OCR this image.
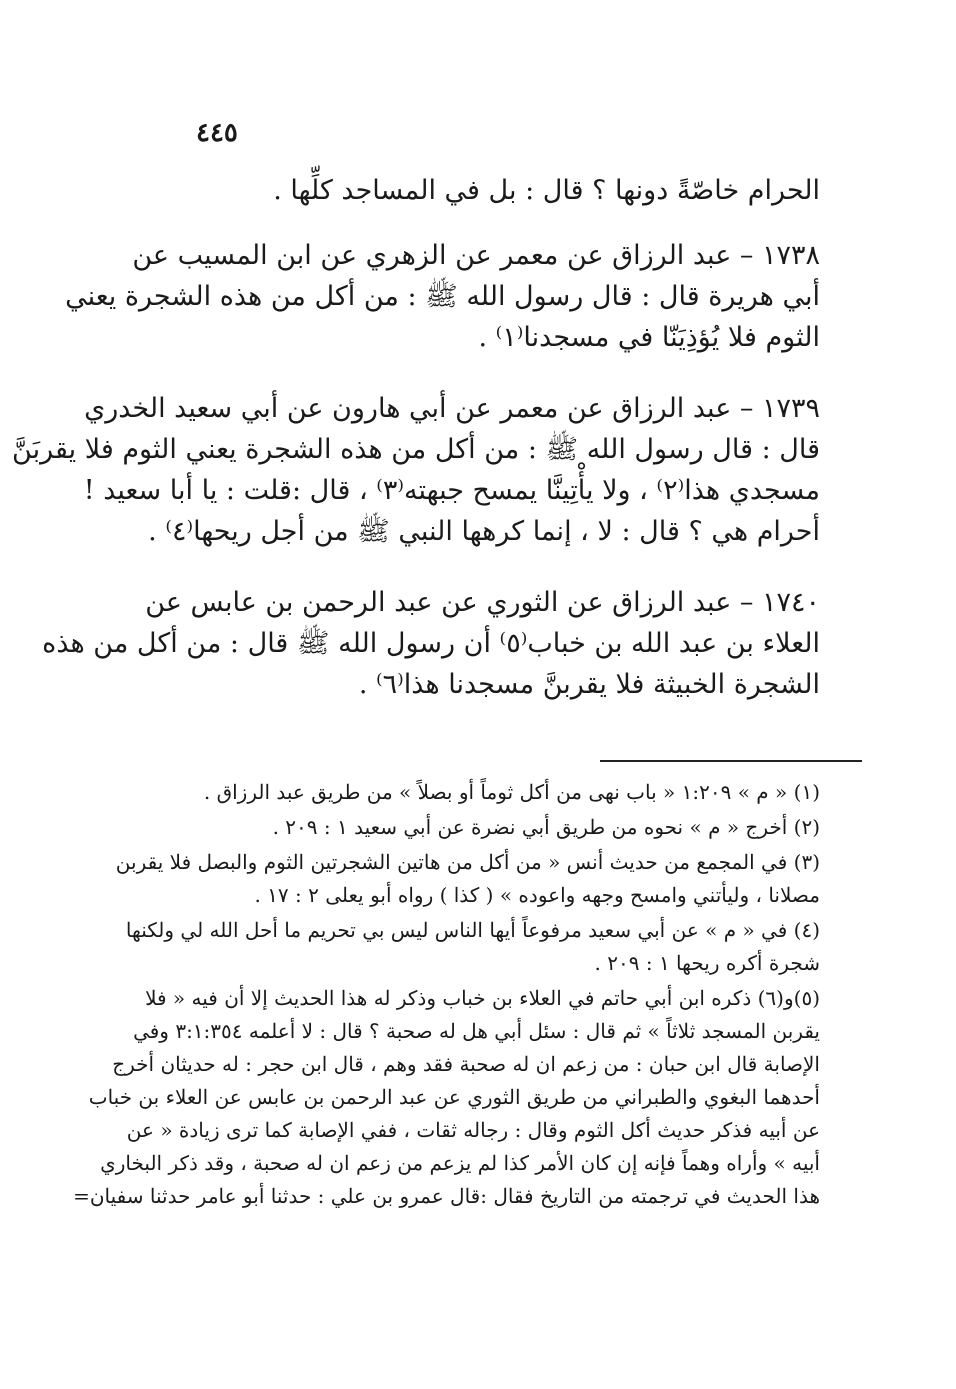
٤٤٥
الحرام خاصّةً دونها ؟ قال : بل في المساجد كلِّها .
١٧٣٨ – عبد الرزاق عن معمر عن الزهري عن ابن المسيب عن
أبي هريرة قال : قال رسول الله ﷺ : من أكل من هذه الشجرة يعني
الثوم فلا يُؤذِيَنّا في مسجدنا⁽١⁾ .
١٧٣٩ – عبد الرزاق عن معمر عن أبي هارون عن أبي سعيد الخدري
قال : قال رسول الله ﷺ : من أكل من هذه الشجرة يعني الثوم فلا يقربَنَّ
مسجدي هذا⁽٢⁾ ، ولا يأْتِينَّا يمسح جبهته⁽٣⁾ ، قال :قلت : يا أبا سعيد !
أحرام هي ؟ قال : لا ، إنما كرهها النبي ﷺ من أجل ريحها⁽٤⁾ .
١٧٤٠ – عبد الرزاق عن الثوري عن عبد الرحمن بن عابس عن
العلاء بن عبد الله بن خباب⁽٥⁾ أن رسول الله ﷺ قال : من أكل من هذه
الشجرة الخبيثة فلا يقربنَّ مسجدنا هذا⁽٦⁾ .
(١) « م » ١:٢٠٩ « باب نهى من أكل ثوماً أو بصلاً » من طريق عبد الرزاق .
(٢) أخرج « م » نحوه من طريق أبي نضرة عن أبي سعيد ١ : ٢٠٩ .
(٣) في المجمع من حديث أنس « من أكل من هاتين الشجرتين الثوم والبصل فلا يقربن
مصلانا ، وليأتني وامسح وجهه واعوده » ( كذا ) رواه أبو يعلى ٢ : ١٧ .
(٤) في « م » عن أبي سعيد مرفوعاً أيها الناس ليس بي تحريم ما أحل الله لي ولكنها
شجرة أكره ريحها ١ : ٢٠٩ .
(٥)و(٦) ذكره ابن أبي حاتم في العلاء بن خباب وذكر له هذا الحديث إلا أن فيه « فلا
يقربن المسجد ثلاثاً » ثم قال : سئل أبي هل له صحبة ؟ قال : لا أعلمه ٣:١:٣٥٤ وفي
الإصابة قال ابن حبان : من زعم ان له صحبة فقد وهم ، قال ابن حجر : له حديثان أخرج
أحدهما البغوي والطبراني من طريق الثوري عن عبد الرحمن بن عابس عن العلاء بن خباب
عن أبيه فذكر حديث أكل الثوم وقال : رجاله ثقات ، ففي الإصابة كما ترى زيادة « عن
أبيه » وأراه وهماً فإنه إن كان الأمر كذا لم يزعم من زعم ان له صحبة ، وقد ذكر البخاري
هذا الحديث في ترجمته من التاريخ فقال :قال عمرو بن علي : حدثنا أبو عامر حدثنا سفيان=
